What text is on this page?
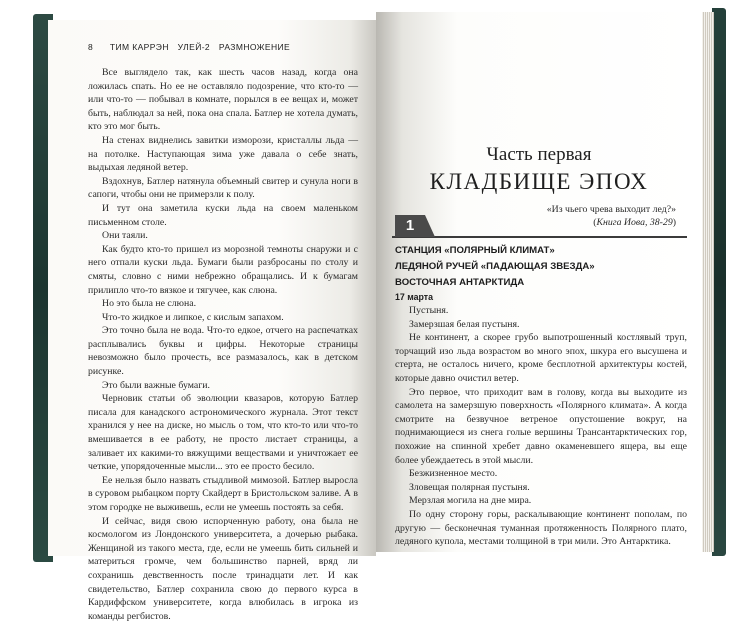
8 ТИМ КАРРЭН УЛЕЙ-2 РАЗМНОЖЕНИЕ

Все выглядело так, как шесть часов назад, когда она ложилась спать. Но ее не оставляло подозрение, что кто-то — или что-то — побывал в комнате, порылся в ее вещах и, может быть, наблюдал за ней, пока она спала. Батлер не хотела думать, кто это мог быть.

На стенах виднелись завитки изморози, кристаллы льда — на потолке. Наступающая зима уже давала о себе знать, выдыхая ледяной ветер.

Вздохнув, Батлер натянула объемный свитер и сунула ноги в сапоги, чтобы они не примерзли к полу.

И тут она заметила куски льда на своем маленьком письменном столе.

Они таяли.

Как будто кто-то пришел из морозной темноты снаружи и с него отпали куски льда. Бумаги были разбросаны по столу и смяты, словно с ними небрежно обращались. И к бумагам прилипло что-то вязкое и тягучее, как слюна.

Но это была не слюна.

Что-то жидкое и липкое, с кислым запахом.

Это точно была не вода. Что-то едкое, отчего на распечатках расплывались буквы и цифры. Некоторые страницы невозможно было прочесть, все размазалось, как в детском рисунке.

Это были важные бумаги.

Черновик статьи об эволюции квазаров, которую Батлер писала для канадского астрономического журнала. Этот текст хранился у нее на диске, но мысль о том, что кто-то или что-то вмешивается в ее работу, не просто листает страницы, а заливает их какими-то вяжущими веществами и уничтожает ее четкие, упорядоченные мысли... это ее просто бесило.

Ее нельзя было назвать стыдливой мимозой. Батлер выросла в суровом рыбацком порту Скайдерт в Бристольском заливе. А в этом городке не выживешь, если не умеешь постоять за себя.

И сейчас, видя свою испорченную работу, она была не космологом из Лондонского университета, а дочерью рыбака. Женщиной из такого места, где, если не умеешь бить сильней и материться громче, чем большинство парней, вряд ли сохранишь девственность после тринадцати лет. И как свидетельство, Батлер сохранила свою до первого курса в Кардиффском университете, когда влюбилась в игрока из команды регбистов.

Часть первая
КЛАДБИЩЕ ЭПОХ
«Из чьего чрева выходит лед?»
(Книга Иова, 38-29)
1
СТАНЦИЯ «ПОЛЯРНЫЙ КЛИМАТ»
ЛЕДЯНОЙ РУЧЕЙ «ПАДАЮЩАЯ ЗВЕЗДА»
ВОСТОЧНАЯ АНТАРКТИДА
17 марта

Пустыня.

Замерзшая белая пустыня.

Не континент, а скорее грубо выпотрошенный костлявый труп, торчащий изо льда возрастом во много эпох, шкура его высушена и стерта, не осталось ничего, кроме бесплотной архитектуры костей, которые давно очистил ветер.

Это первое, что приходит вам в голову, когда вы выходите из самолета на замерзшую поверхность «Полярного климата». А когда смотрите на безвучное ветреное опустошение вокруг, на поднимающиеся из снега голые вершины Трансантарктических гор, похожие на спинной хребет давно окаменевшего ящера, вы еще более убеждаетесь в этой мысли.

Безжизненное место.

Зловещая полярная пустыня.

Мерзлая могила на дне мира.

По одну сторону горы, раскалывающие континент пополам, по другую — бесконечная туманная протяженность Полярного плато, ледяного купола, местами толщиной в три мили. Это Антарктика.
